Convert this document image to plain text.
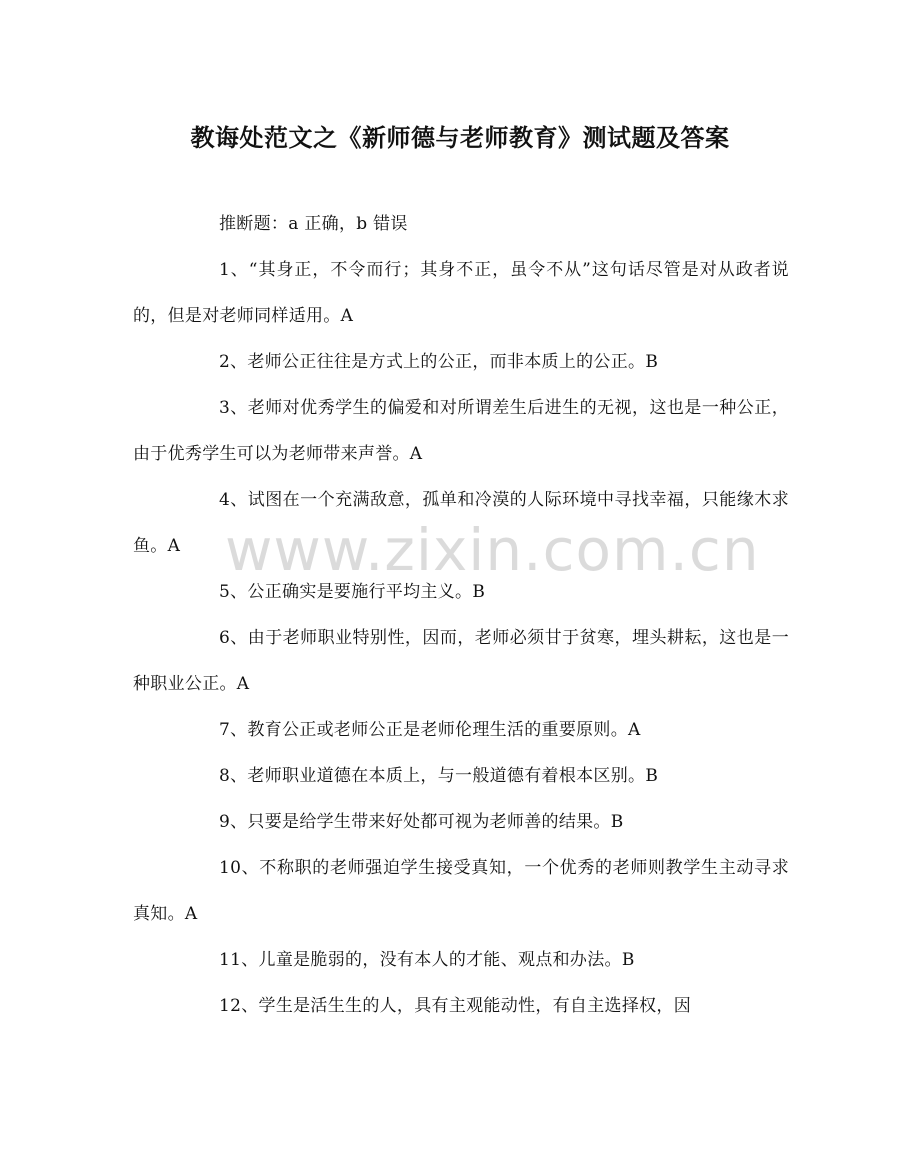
教诲处范文之《新师德与老师教育》测试题及答案

推断题：a 正确，b 错误

1、“其身正，不令而行；其身不正，虽令不从”这句话尽管是对从政者说的，但是对老师同样适用。A

2、老师公正往往是方式上的公正，而非本质上的公正。B

3、老师对优秀学生的偏爱和对所谓差生后进生的无视，这也是一种公正，由于优秀学生可以为老师带来声誉。A

4、试图在一个充满敌意，孤单和冷漠的人际环境中寻找幸福，只能缘木求鱼。A

5、公正确实是要施行平均主义。B

6、由于老师职业特别性，因而，老师必须甘于贫寒，埋头耕耘，这也是一种职业公正。A

7、教育公正或老师公正是老师伦理生活的重要原则。A

8、老师职业道德在本质上，与一般道德有着根本区别。B

9、只要是给学生带来好处都可视为老师善的结果。B

10、不称职的老师强迫学生接受真知，一个优秀的老师则教学生主动寻求真知。A

11、儿童是脆弱的，没有本人的才能、观点和办法。B

12、学生是活生生的人，具有主观能动性，有自主选择权，因

www.zixin.com.cn
